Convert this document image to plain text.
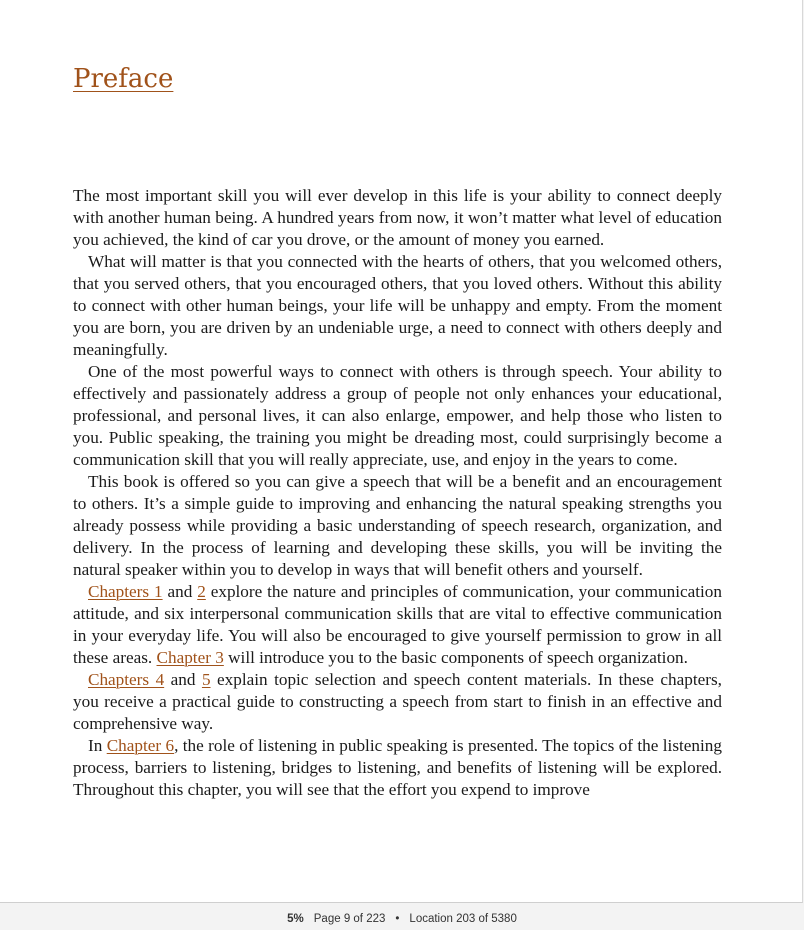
Preface

The most important skill you will ever develop in this life is your ability to connect deeply with another human being. A hundred years from now, it won’t matter what level of education you achieved, the kind of car you drove, or the amount of money you earned.

What will matter is that you connected with the hearts of others, that you welcomed others, that you served others, that you encouraged others, that you loved others. Without this ability to connect with other human beings, your life will be unhappy and empty. From the moment you are born, you are driven by an undeniable urge, a need to connect with others deeply and meaningfully.

One of the most powerful ways to connect with others is through speech. Your ability to effectively and passionately address a group of people not only enhances your educational, professional, and personal lives, it can also enlarge, empower, and help those who listen to you. Public speaking, the training you might be dreading most, could surprisingly become a communication skill that you will really appreciate, use, and enjoy in the years to come.

This book is offered so you can give a speech that will be a benefit and an encouragement to others. It’s a simple guide to improving and enhancing the natural speaking strengths you already possess while providing a basic understanding of speech research, organization, and delivery. In the process of learning and developing these skills, you will be inviting the natural speaker within you to develop in ways that will benefit others and yourself.

Chapters 1 and 2 explore the nature and principles of communication, your communication attitude, and six interpersonal communication skills that are vital to effective communication in your everyday life. You will also be encouraged to give yourself permission to grow in all these areas. Chapter 3 will introduce you to the basic components of speech organization.

Chapters 4 and 5 explain topic selection and speech content materials. In these chapters, you receive a practical guide to constructing a speech from start to finish in an effective and comprehensive way.

In Chapter 6, the role of listening in public speaking is presented. The topics of the listening process, barriers to listening, bridges to listening, and benefits of listening will be explored. Throughout this chapter, you will see that the effort you expend to improve

5% Page 9 of 223 • Location 203 of 5380
